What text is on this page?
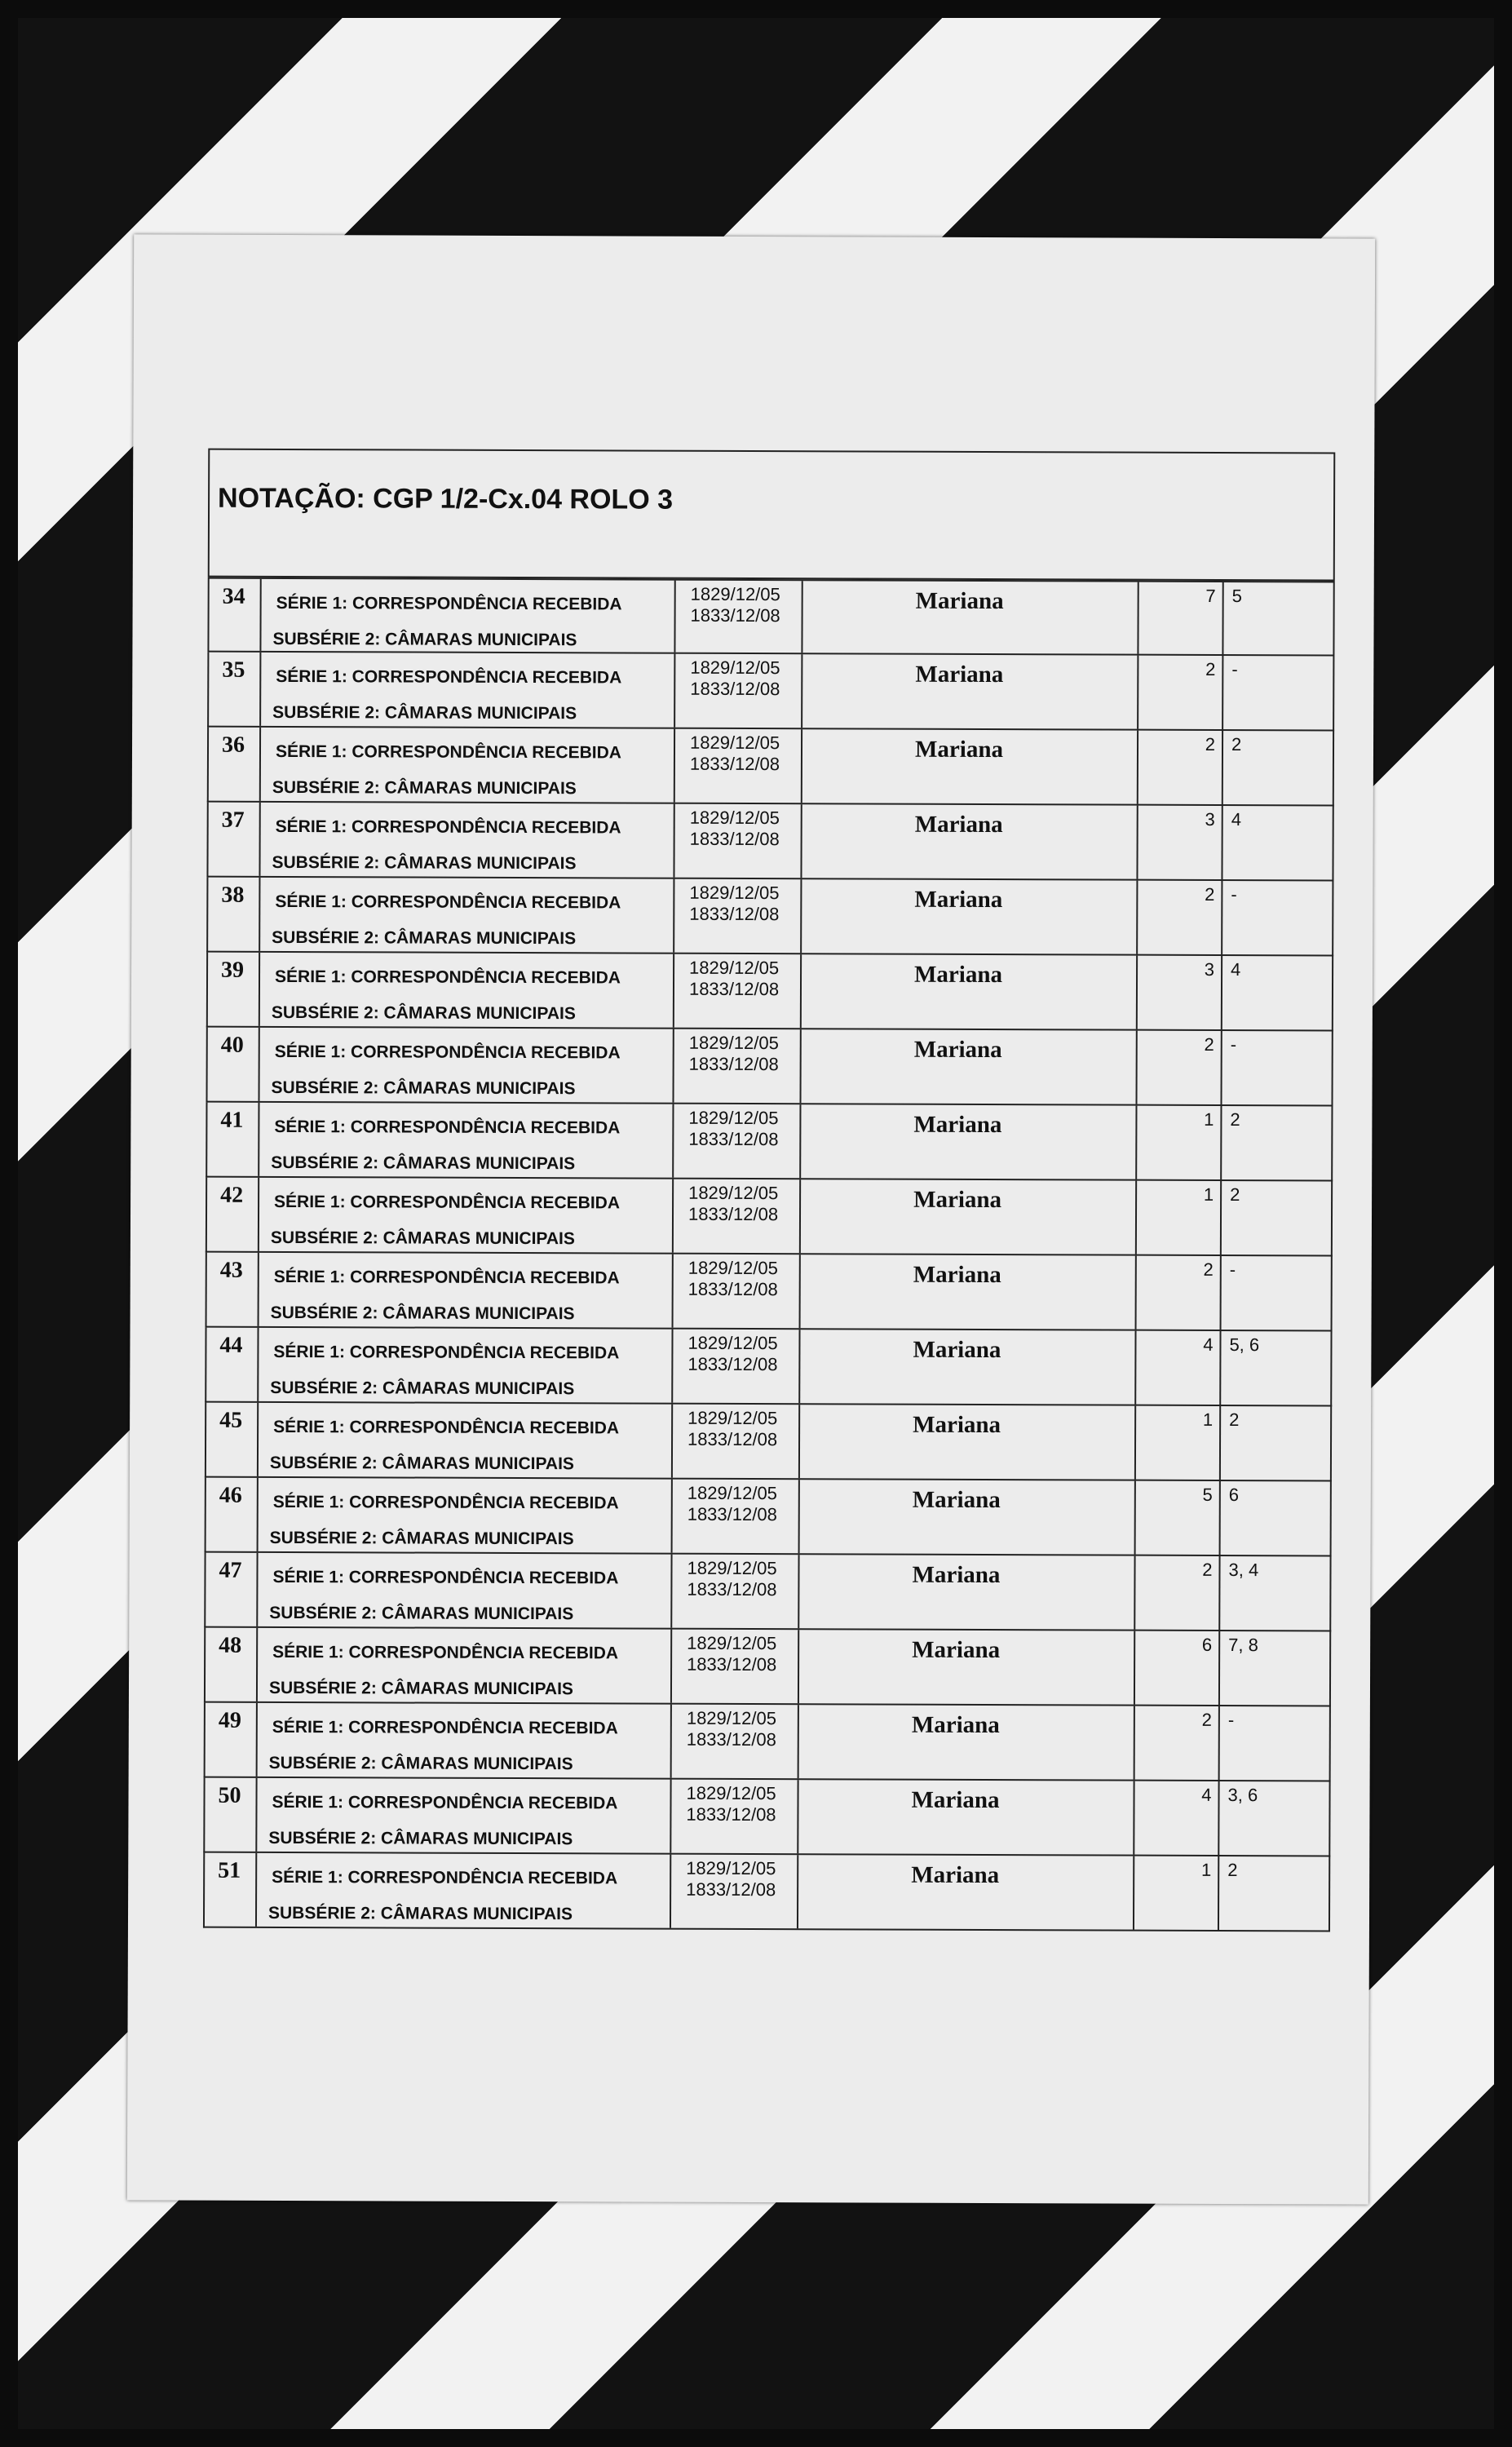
NOTAÇÃO: CGP 1/2-Cx.04 ROLO 3
34 SÉRIE 1: CORRESPONDÊNCIA RECEBIDA
SUBSÉRIE 2: CÂMARAS MUNICIPAIS
1829/12/05
1833/12/08
Mariana	7 5
35 SÉRIE 1: CORRESPONDÊNCIA RECEBIDA
SUBSÉRIE 2: CÂMARAS MUNICIPAIS
1829/12/05
1833/12/08
Mariana	2 -
36 SÉRIE 1: CORRESPONDÊNCIA RECEBIDA
SUBSÉRIE 2: CÂMARAS MUNICIPAIS
1829/12/05
1833/12/08
Mariana	2 2
37 SÉRIE 1: CORRESPONDÊNCIA RECEBIDA
SUBSÉRIE 2: CÂMARAS MUNICIPAIS
1829/12/05
1833/12/08
Mariana	3 4
38 SÉRIE 1: CORRESPONDÊNCIA RECEBIDA
SUBSÉRIE 2: CÂMARAS MUNICIPAIS
1829/12/05
1833/12/08
Mariana	2 -
39 SÉRIE 1: CORRESPONDÊNCIA RECEBIDA
SUBSÉRIE 2: CÂMARAS MUNICIPAIS
1829/12/05
1833/12/08
Mariana	3 4
40 SÉRIE 1: CORRESPONDÊNCIA RECEBIDA
SUBSÉRIE 2: CÂMARAS MUNICIPAIS
1829/12/05
1833/12/08
Mariana	2 -
41 SÉRIE 1: CORRESPONDÊNCIA RECEBIDA
SUBSÉRIE 2: CÂMARAS MUNICIPAIS
1829/12/05
1833/12/08
Mariana	1 2
42 SÉRIE 1: CORRESPONDÊNCIA RECEBIDA
SUBSÉRIE 2: CÂMARAS MUNICIPAIS
1829/12/05
1833/12/08
Mariana	1 2
43 SÉRIE 1: CORRESPONDÊNCIA RECEBIDA
SUBSÉRIE 2: CÂMARAS MUNICIPAIS
1829/12/05
1833/12/08
Mariana	2 -
44 SÉRIE 1: CORRESPONDÊNCIA RECEBIDA
SUBSÉRIE 2: CÂMARAS MUNICIPAIS
1829/12/05
1833/12/08
Mariana	4 5, 6
45 SÉRIE 1: CORRESPONDÊNCIA RECEBIDA
SUBSÉRIE 2: CÂMARAS MUNICIPAIS
1829/12/05
1833/12/08
Mariana	1 2
46 SÉRIE 1: CORRESPONDÊNCIA RECEBIDA
SUBSÉRIE 2: CÂMARAS MUNICIPAIS
1829/12/05
1833/12/08
Mariana	5 6
47 SÉRIE 1: CORRESPONDÊNCIA RECEBIDA
SUBSÉRIE 2: CÂMARAS MUNICIPAIS
1829/12/05
1833/12/08
Mariana	2 3, 4
48 SÉRIE 1: CORRESPONDÊNCIA RECEBIDA
SUBSÉRIE 2: CÂMARAS MUNICIPAIS
1829/12/05
1833/12/08
Mariana	6 7, 8
49 SÉRIE 1: CORRESPONDÊNCIA RECEBIDA
SUBSÉRIE 2: CÂMARAS MUNICIPAIS
1829/12/05
1833/12/08
Mariana	2 -
50 SÉRIE 1: CORRESPONDÊNCIA RECEBIDA
SUBSÉRIE 2: CÂMARAS MUNICIPAIS
1829/12/05
1833/12/08
Mariana	4 3, 6
51 SÉRIE 1: CORRESPONDÊNCIA RECEBIDA
SUBSÉRIE 2: CÂMARAS MUNICIPAIS
1829/12/05
1833/12/08
Mariana	1 2
